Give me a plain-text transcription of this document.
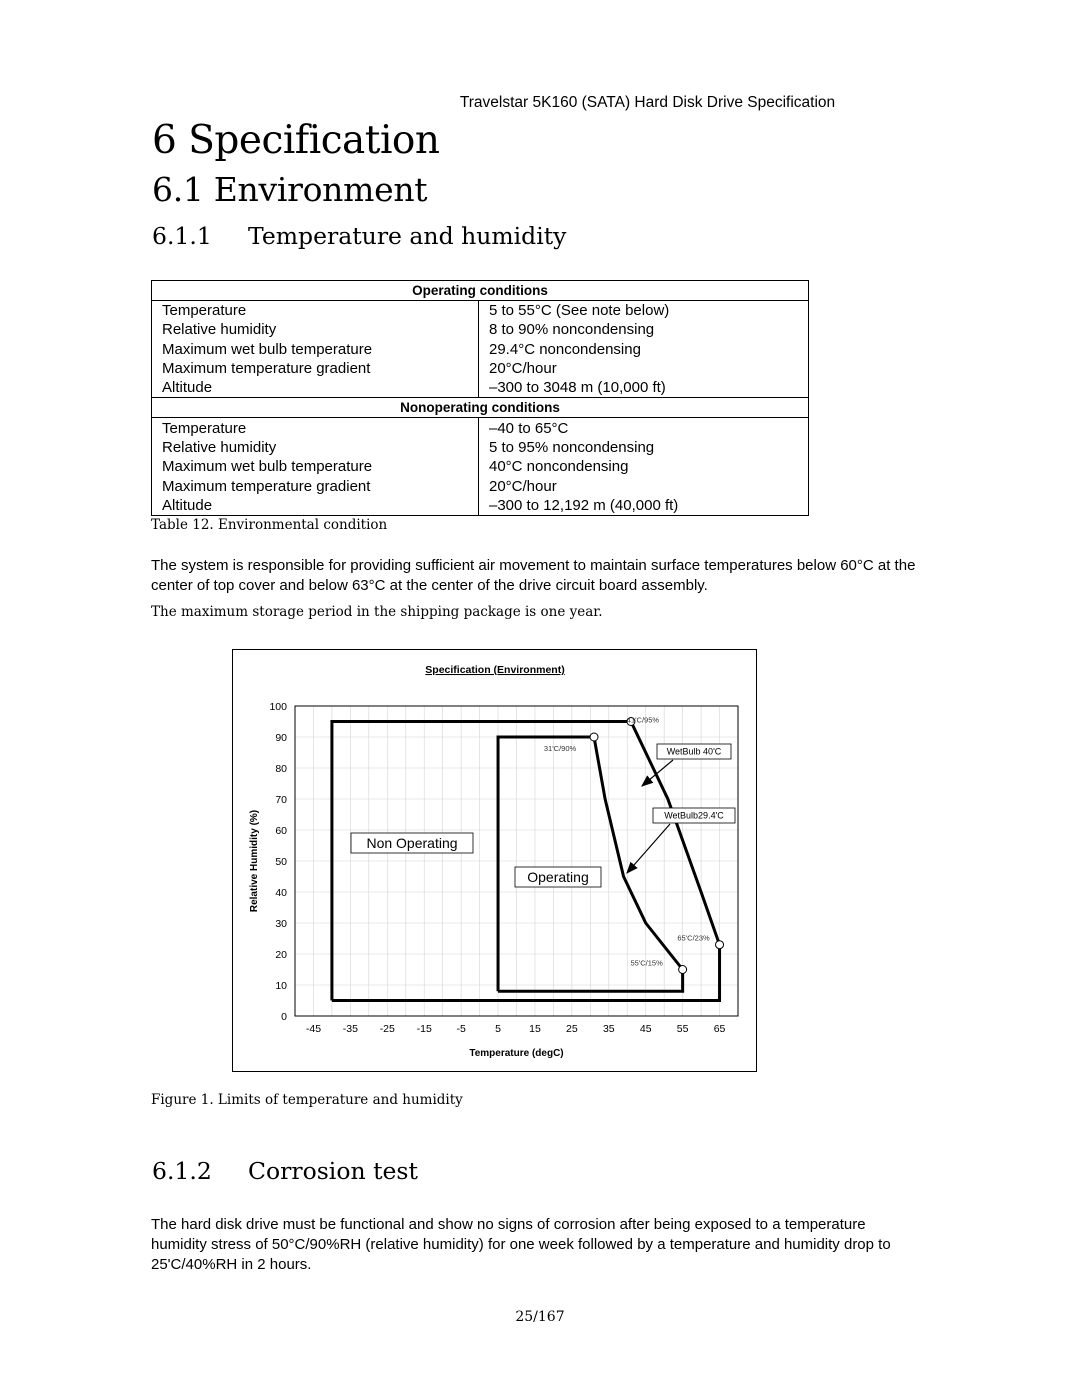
Travelstar 5K160 (SATA) Hard Disk Drive Specification
6 Specification
6.1 Environment
6.1.1 Temperature and humidity
Operating conditions	
Temperature	5 to 55°C (See note below)
Relative humidity	8 to 90% noncondensing
Maximum wet bulb temperature	29.4°C noncondensing
Maximum temperature gradient	20°C/hour
Altitude	–300 to 3048 m (10,000 ft)
Nonoperating conditions	
Temperature	–40 to 65°C
Relative humidity	5 to 95% noncondensing
Maximum wet bulb temperature	40°C noncondensing
Maximum temperature gradient	20°C/hour
Altitude	–300 to 12,192 m (40,000 ft)
Table 12. Environmental condition
The system is responsible for providing sufficient air movement to maintain surface temperatures below 60°C at the center of top cover and below 63°C at the center of the drive circuit board assembly.
The maximum storage period in the shipping package is one year.
Specification (Environment)
0
10
20
30
40
50
60
70
80
90
100
-45 -35 -25 -15 -5	5	15 25 35 45 55 65
Temperature (degC)
Relative Humidity (%)
41'C/95%
31'C/90%
65'C/23%
55'C/15%
Non Operating
Operating
WetBulb 40'C
WetBulb29.4'C
Figure 1. Limits of temperature and humidity
6.1.2 Corrosion test
The hard disk drive must be functional and show no signs of corrosion after being exposed to a temperature humidity stress of 50°C/90%RH (relative humidity) for one week followed by a temperature and humidity drop to 25'C/40%RH in 2 hours.
25/167
